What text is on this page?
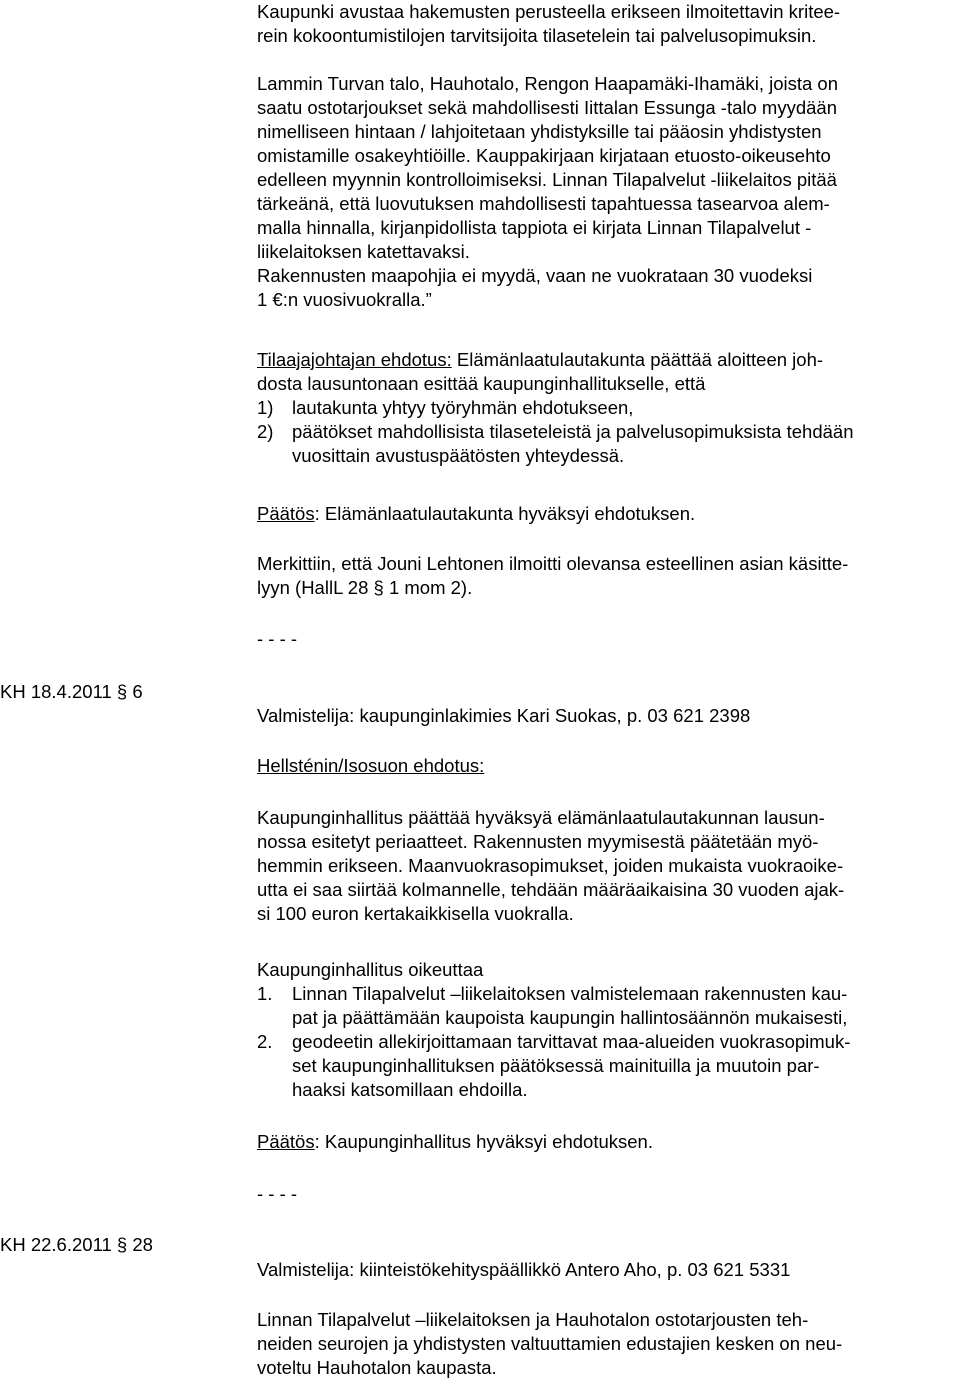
Kaupunki avustaa hakemusten perusteella erikseen ilmoitettavin kritee-
rein kokoontumistilojen tarvitsijoita tilasetelein tai palvelusopimuksin.
Lammin Turvan talo, Hauhotalo, Rengon Haapamäki-Ihamäki, joista on
saatu ostotarjoukset sekä mahdollisesti Iittalan Essunga -talo myydään
nimelliseen hintaan / lahjoitetaan yhdistyksille tai pääosin yhdistysten
omistamille osakeyhtiöille. Kauppakirjaan kirjataan etuosto-oikeusehto
edelleen myynnin kontrolloimiseksi. Linnan Tilapalvelut -liikelaitos pitää
tärkeänä, että luovutuksen mahdollisesti tapahtuessa tasearvoa alem-
malla hinnalla, kirjanpidollista tappiota ei kirjata Linnan Tilapalvelut -
liikelaitoksen katettavaksi.
Rakennusten maapohjia ei myydä, vaan ne vuokrataan 30 vuodeksi
1 €:n vuosivuokralla.”
Tilaajajohtajan ehdotus: Elämänlaatulautakunta päättää aloitteen joh-
dosta lausuntonaan esittää kaupunginhallitukselle, että
1) lautakunta yhtyy työryhmän ehdotukseen,
2) päätökset mahdollisista tilaseteleistä ja palvelusopimuksista tehdään
vuosittain avustuspäätösten yhteydessä.
Päätös: Elämänlaatulautakunta hyväksyi ehdotuksen.
Merkittiin, että Jouni Lehtonen ilmoitti olevansa esteellinen asian käsitte-
lyyn (HallL 28 § 1 mom 2).
- - - -
KH 18.4.2011 § 6
Valmistelija: kaupunginlakimies Kari Suokas, p. 03 621 2398
Hellsténin/Isosuon ehdotus:
Kaupunginhallitus päättää hyväksyä elämänlaatulautakunnan lausun-
nossa esitetyt periaatteet. Rakennusten myymisestä päätetään myö-
hemmin erikseen. Maanvuokrasopimukset, joiden mukaista vuokraoike-
utta ei saa siirtää kolmannelle, tehdään määräaikaisina 30 vuoden ajak-
si 100 euron kertakaikkisella vuokralla.
Kaupunginhallitus oikeuttaa
1. Linnan Tilapalvelut –liikelaitoksen valmistelemaan rakennusten kau-
pat ja päättämään kaupoista kaupungin hallintosäännön mukaisesti,
2. geodeetin allekirjoittamaan tarvittavat maa-alueiden vuokrasopimuk-
set kaupunginhallituksen päätöksessä mainituilla ja muutoin par-
haaksi katsomillaan ehdoilla.
Päätös: Kaupunginhallitus hyväksyi ehdotuksen.
- - - -
KH 22.6.2011 § 28
Valmistelija: kiinteistökehityspäällikkö Antero Aho, p. 03 621 5331
Linnan Tilapalvelut –liikelaitoksen ja Hauhotalon ostotarjousten teh-
neiden seurojen ja yhdistysten valtuuttamien edustajien kesken on neu-
voteltu Hauhotalon kaupasta.
